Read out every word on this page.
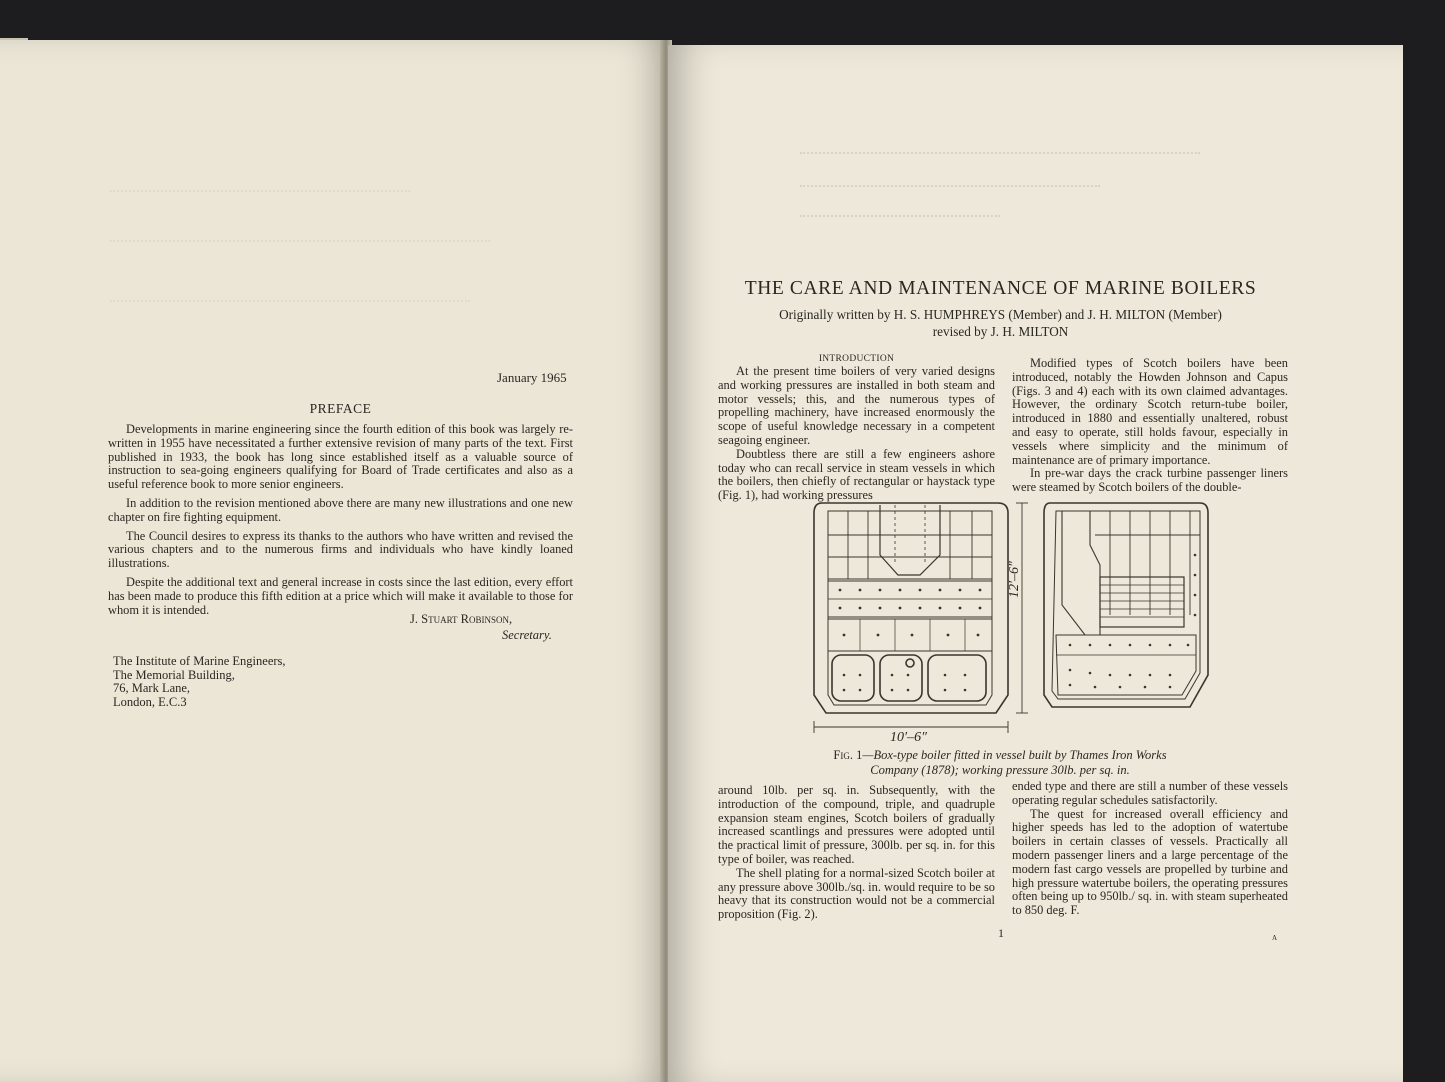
January 1965
PREFACE

Developments in marine engineering since the fourth edition of this book was largely re-written in 1955 have necessitated a further extensive revision of many parts of the text. First published in 1933, the book has long since established itself as a valuable source of instruction to sea-going engineers qualifying for Board of Trade certificates and also as a useful reference book to more senior engineers.

In addition to the revision mentioned above there are many new illustrations and one new chapter on fire fighting equipment.

The Council desires to express its thanks to the authors who have written and revised the various chapters and to the numerous firms and individuals who have kindly loaned illustrations.

Despite the additional text and general increase in costs since the last edition, every effort has been made to produce this fifth edition at a price which will make it available to those for whom it is intended.

J. Stuart Robinson,
Secretary.
The Institute of Marine Engineers,
The Memorial Building,
76, Mark Lane,
London, E.C.3
THE CARE AND MAINTENANCE OF MARINE BOILERS
Originally written by H. S. HUMPHREYS (Member) and J. H. MILTON (Member)
revised by J. H. MILTON
INTRODUCTION

At the present time boilers of very varied designs and working pressures are installed in both steam and motor vessels; this, and the numerous types of propelling machinery, have increased enormously the scope of useful knowledge necessary in a competent seagoing engineer.

Doubtless there are still a few engineers ashore today who can recall service in steam vessels in which the boilers, then chiefly of rectangular or haystack type (Fig. 1), had working pressures

Modified types of Scotch boilers have been introduced, notably the Howden Johnson and Capus (Figs. 3 and 4) each with its own claimed advantages. However, the ordinary Scotch return-tube boiler, introduced in 1880 and essentially unaltered, robust and easy to operate, still holds favour, especially in vessels where simplicity and the minimum of maintenance are of primary importance.

In pre-war days the crack turbine passenger liners were steamed by Scotch boilers of the double-

12′–6″
10′–6″
Fig. 1—Box-type boiler fitted in vessel built by Thames Iron Works
Company (1878); working pressure 30lb. per sq. in.

around 10lb. per sq. in. Subsequently, with the introduction of the compound, triple, and quadruple expansion steam engines, Scotch boilers of gradually increased scantlings and pressures were adopted until the practical limit of pressure, 300lb. per sq. in. for this type of boiler, was reached.

The shell plating for a normal-sized Scotch boiler at any pressure above 300lb./sq. in. would require to be so heavy that its construction would not be a commercial proposition (Fig. 2).

ended type and there are still a number of these vessels operating regular schedules satisfactorily.

The quest for increased overall efficiency and higher speeds has led to the adoption of watertube boilers in certain classes of vessels. Practically all modern passenger liners and a large percentage of the modern fast cargo vessels are propelled by turbine and high pressure watertube boilers, the operating pressures often being up to 950lb./ sq. in. with steam superheated to 850 deg. F.

1	A
